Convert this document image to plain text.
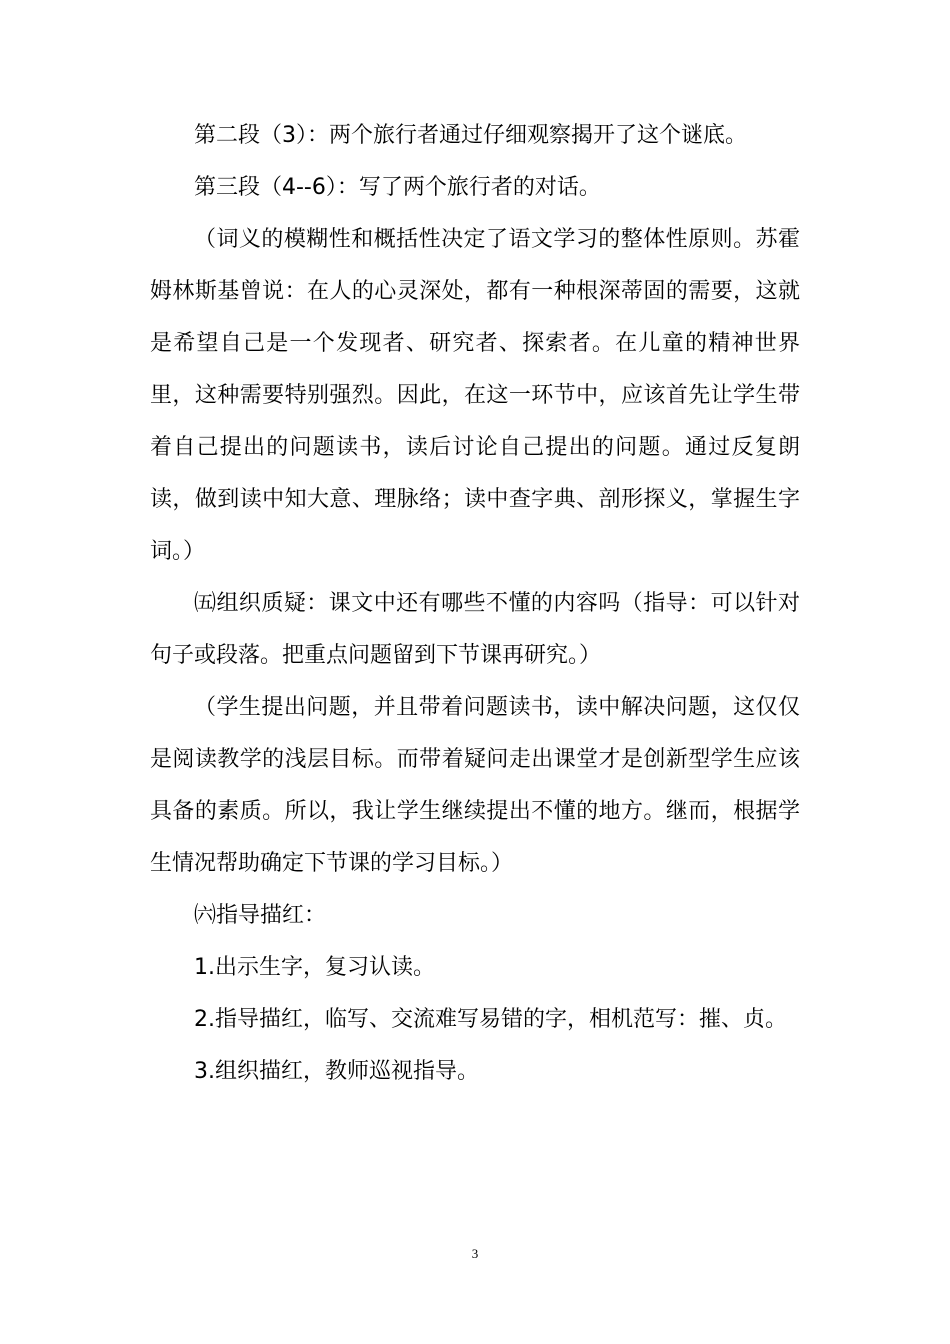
第二段（3）：两个旅行者通过仔细观察揭开了这个谜底。

第三段（4--6）：写了两个旅行者的对话。

（词义的模糊性和概括性决定了语文学习的整体性原则。苏霍姆林斯基曾说：在人的心灵深处，都有一种根深蒂固的需要，这就是希望自己是一个发现者、研究者、探索者。在儿童的精神世界里，这种需要特别强烈。因此，在这一环节中，应该首先让学生带着自己提出的问题读书，读后讨论自己提出的问题。通过反复朗读，做到读中知大意、理脉络；读中查字典、剖形探义，掌握生字词。）

㈤组织质疑：课文中还有哪些不懂的内容吗（指导：可以针对句子或段落。把重点问题留到下节课再研究。）

（学生提出问题，并且带着问题读书，读中解决问题，这仅仅是阅读教学的浅层目标。而带着疑问走出课堂才是创新型学生应该具备的素质。所以，我让学生继续提出不懂的地方。继而，根据学生情况帮助确定下节课的学习目标。）

㈥指导描红：

1.出示生字，复习认读。

2.指导描红，临写、交流难写易错的字，相机范写：摧、贞。

3.组织描红，教师巡视指导。

3
